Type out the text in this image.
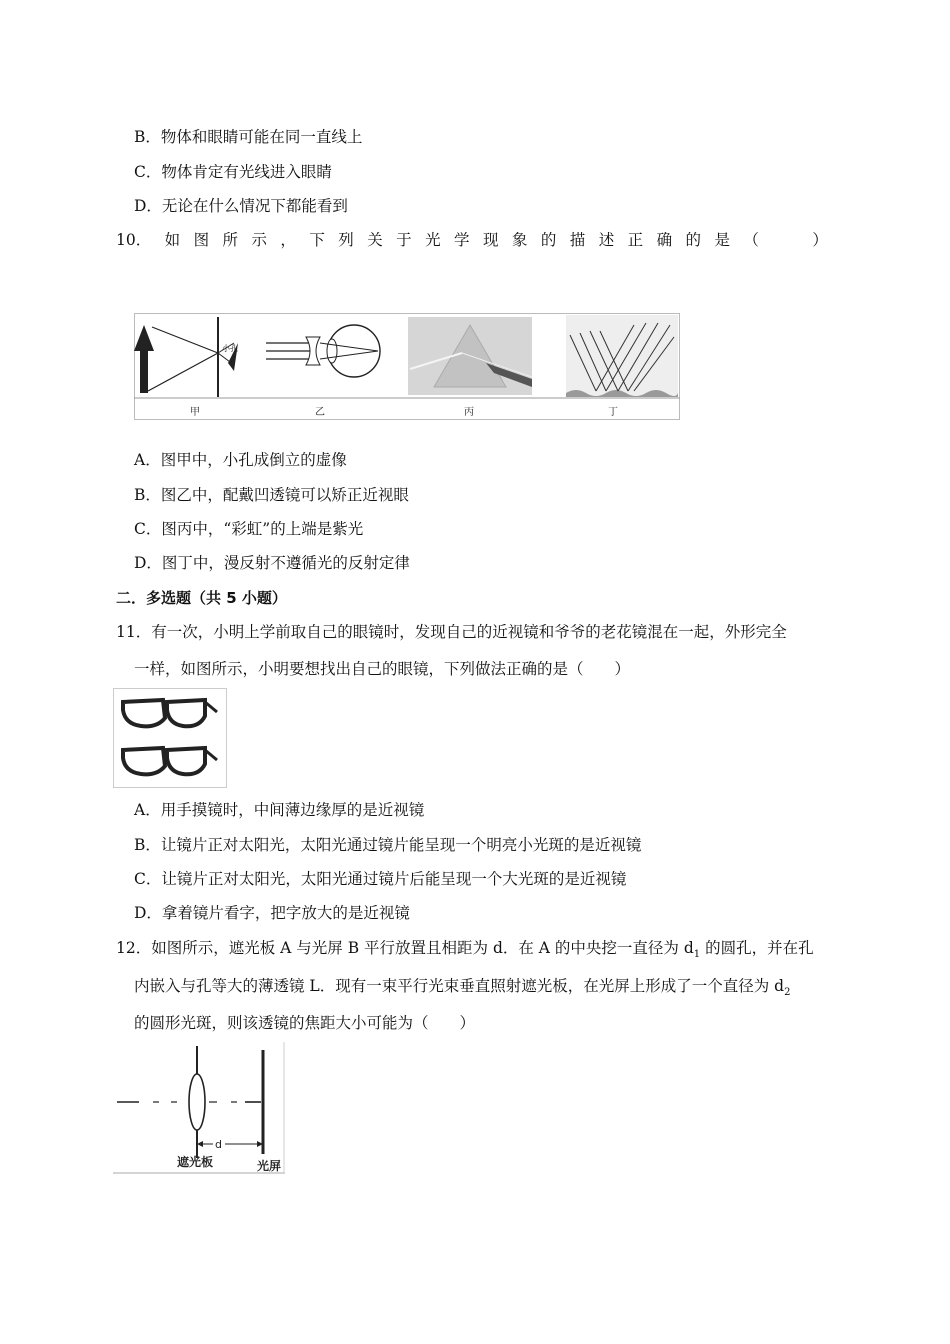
B．物体和眼睛可能在同一直线上
C．物体肯定有光线进入眼睛
D．无论在什么情况下都能看到
10． 如 图 所 示 ， 下 列 关 于 光 学 现 象 的 描 述 正 确 的 是 （	）
小孔
甲	乙	丙	丁
A．图甲中，小孔成倒立的虚像
B．图乙中，配戴凹透镜可以矫正近视眼
C．图丙中，“彩虹”的上端是紫光
D．图丁中，漫反射不遵循光的反射定律
二．多选题（共 5 小题）
11．有一次，小明上学前取自己的眼镜时，发现自己的近视镜和爷爷的老花镜混在一起，外形完全
一样，如图所示，小明要想找出自己的眼镜，下列做法正确的是（　　）
A．用手摸镜时，中间薄边缘厚的是近视镜
B．让镜片正对太阳光，太阳光通过镜片能呈现一个明亮小光斑的是近视镜
C．让镜片正对太阳光，太阳光通过镜片后能呈现一个大光斑的是近视镜
D．拿着镜片看字，把字放大的是近视镜
12．如图所示，遮光板 A 与光屏 B 平行放置且相距为 d．在 A 的中央挖一直径为 $d_1$ 的圆孔，并在孔
内嵌入与孔等大的薄透镜 L．现有一束平行光束垂直照射遮光板，在光屏上形成了一个直径为 $d_2$
的圆形光斑，则该透镜的焦距大小可能为（　　）
d
遮光板	光屏
